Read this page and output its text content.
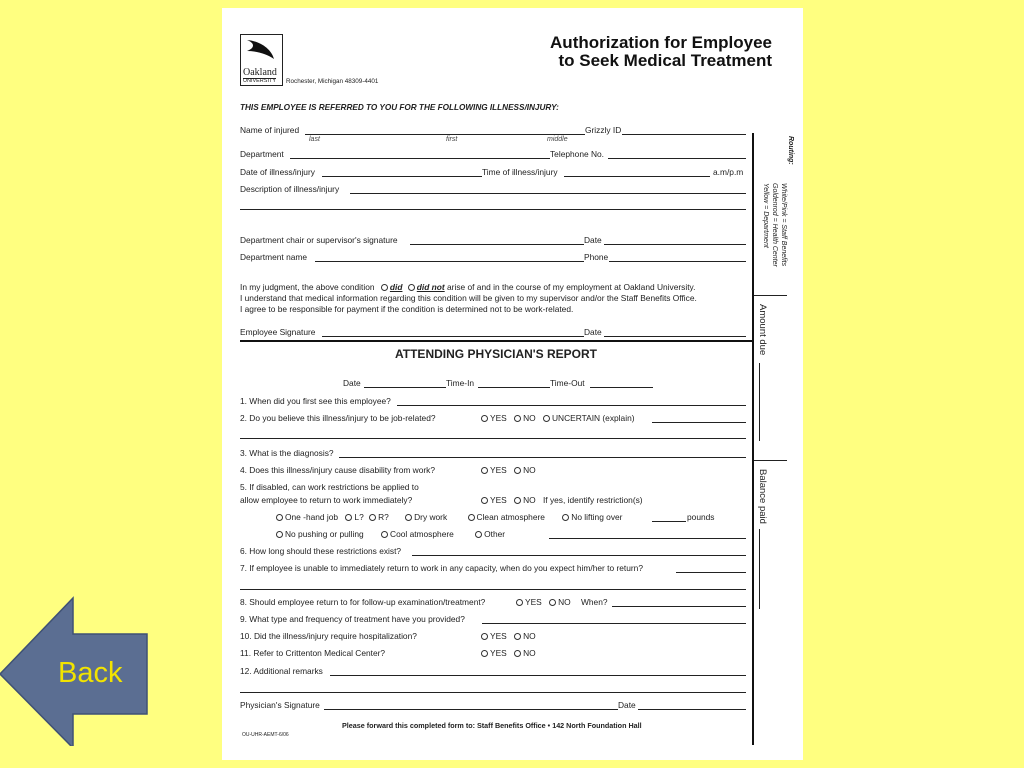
Oakland
UNIVERSITY Rochester, Michigan 48309-4401
Authorization for Employee
to Seek Medical Treatment
THIS EMPLOYEE IS REFERRED TO YOU FOR THE FOLLOWING ILLNESS/INJURY:
Name of injured
last	first	middle
Grizzly ID
Department	Telephone No.
Date of illness/injury	Time of illness/injury	a.m/p.m
Description of illness/injury
Department chair or supervisor's signature	Date
Department name	Phone
In my judgment, the above condition did did not arise of and in the course of my employment at Oakland University.
I understand that medical information regarding this condition will be given to my supervisor and/or the Staff Benefits Office.
I agree to be responsible for payment if the condition is determined not to be work-related.
Employee Signature	Date
ATTENDING PHYSICIAN'S REPORT
Date	Time-In	Time-Out
1. When did you first see this employee?
2. Do you believe this illness/injury to be job-related?	YES NO UNCERTAIN (explain)
3. What is the diagnosis?
4. Does this illness/injury cause disability from work?	YES NO
5. If disabled, can work restrictions be applied to
allow employee to return to work immediately?	YES NO If yes, identify restriction(s)
One -hand job L? R?	Dry work	Clean atmosphere	No lifting over	pounds
No pushing or pulling	Cool atmosphere	Other
6. How long should these restrictions exist?
7. If employee is unable to immediately return to work in any capacity, when do you expect him/her to return?
8. Should employee return to for follow-up examination/treatment?	YES NO When?
9. What type and frequency of treatment have you provided?
10. Did the illness/injury require hospitalization?	YES NO
11. Refer to Crittenton Medical Center?	YES NO
12. Additional remarks
Physician's Signature	Date
Please forward this completed form to: Staff Benefits Office • 142 North Foundation Hall
OU-UHR-AEMT-6/06
Routing:
White/Pink = Staff Benefits
Goldenrod = Health Center
Yellow = Department
Amount due
Balance paid
Back
